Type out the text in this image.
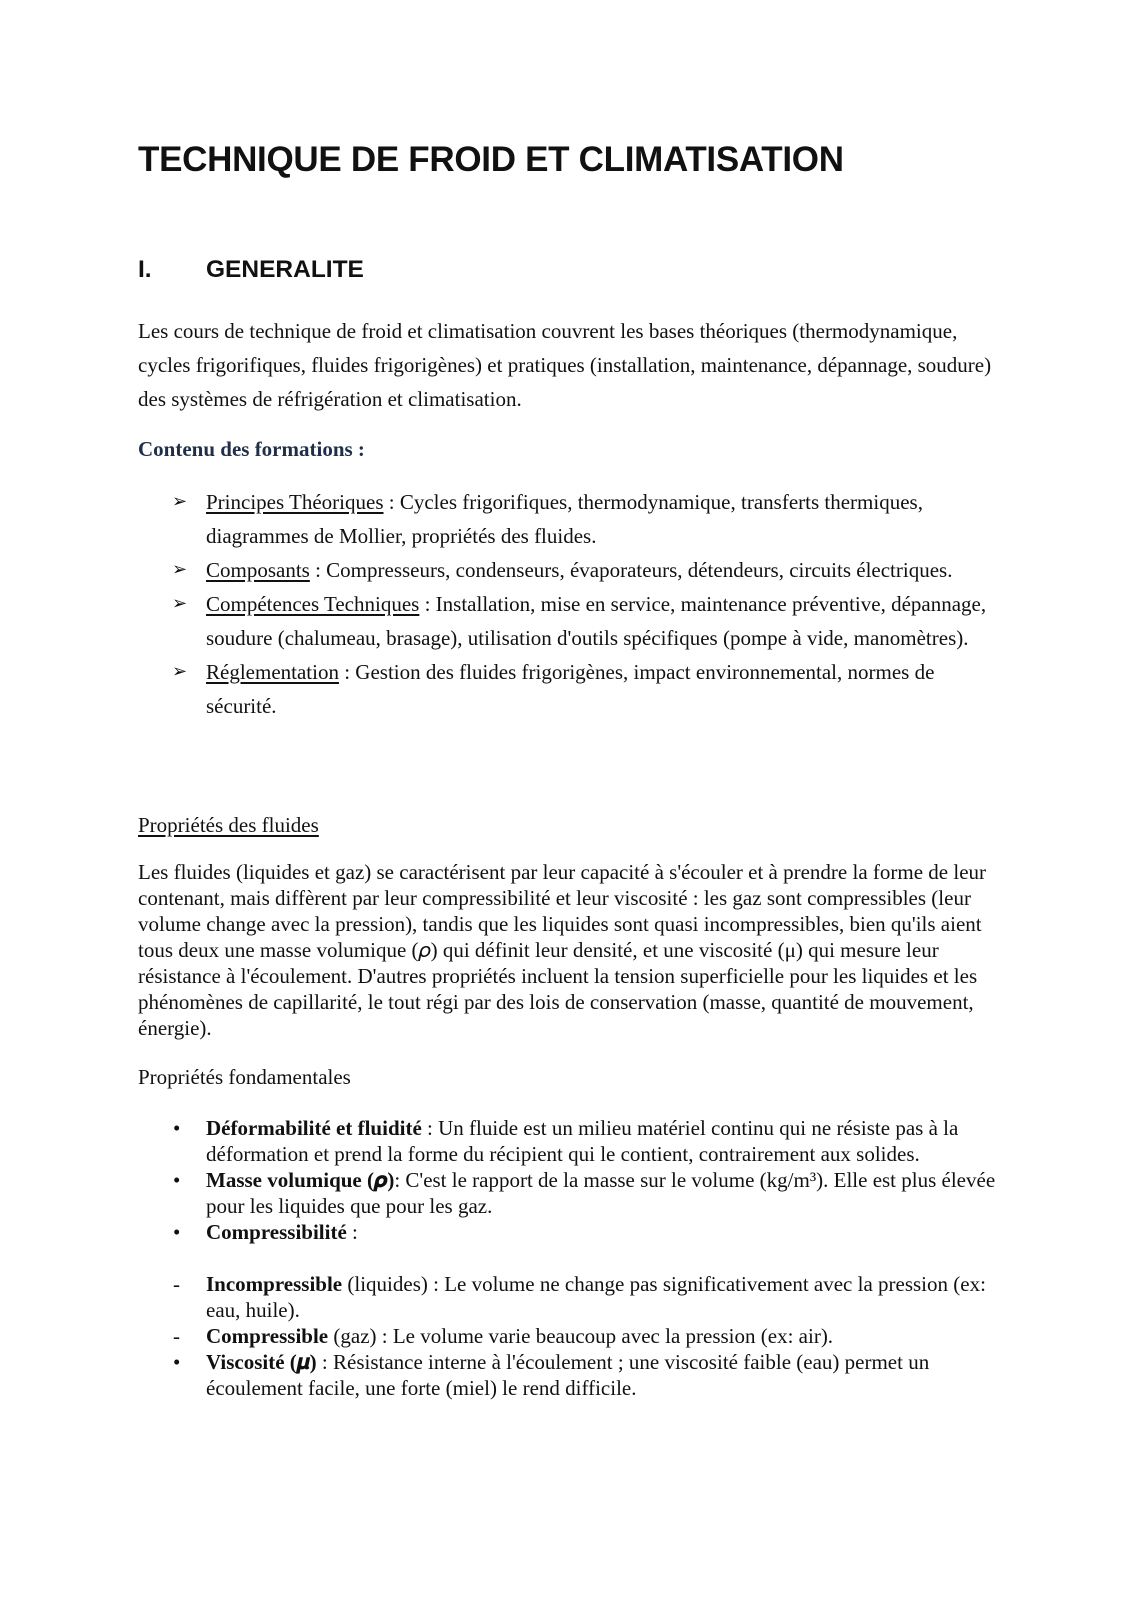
TECHNIQUE DE FROID ET CLIMATISATION
I. GENERALITE

Les cours de technique de froid et climatisation couvrent les bases théoriques (thermodynamique, cycles frigorifiques, fluides frigorigènes) et pratiques (installation, maintenance, dépannage, soudure) des systèmes de réfrigération et climatisation.

Contenu des formations :

➢ Principes Théoriques : Cycles frigorifiques, thermodynamique, transferts thermiques, diagrammes de Mollier, propriétés des fluides.
➢ Composants : Compresseurs, condenseurs, évaporateurs, détendeurs, circuits électriques.
➢ Compétences Techniques : Installation, mise en service, maintenance préventive, dépannage, soudure (chalumeau, brasage), utilisation d'outils spécifiques (pompe à vide, manomètres).
➢ Réglementation : Gestion des fluides frigorigènes, impact environnemental, normes de sécurité.

Propriétés des fluides

Les fluides (liquides et gaz) se caractérisent par leur capacité à s'écouler et à prendre la forme de leur contenant, mais diffèrent par leur compressibilité et leur viscosité : les gaz sont compressibles (leur volume change avec la pression), tandis que les liquides sont quasi incompressibles, bien qu'ils aient tous deux une masse volumique (𝜌) qui définit leur densité, et une viscosité (μ) qui mesure leur résistance à l'écoulement. D'autres propriétés incluent la tension superficielle pour les liquides et les phénomènes de capillarité, le tout régi par des lois de conservation (masse, quantité de mouvement, énergie).

Propriétés fondamentales

• Déformabilité et fluidité : Un fluide est un milieu matériel continu qui ne résiste pas à la déformation et prend la forme du récipient qui le contient, contrairement aux solides.
• Masse volumique (𝝆): C'est le rapport de la masse sur le volume (kg/m³). Elle est plus élevée pour les liquides que pour les gaz.
• Compressibilité :
- Incompressible (liquides) : Le volume ne change pas significativement avec la pression (ex: eau, huile).
- Compressible (gaz) : Le volume varie beaucoup avec la pression (ex: air).
• Viscosité (𝝁) : Résistance interne à l'écoulement ; une viscosité faible (eau) permet un écoulement facile, une forte (miel) le rend difficile.
